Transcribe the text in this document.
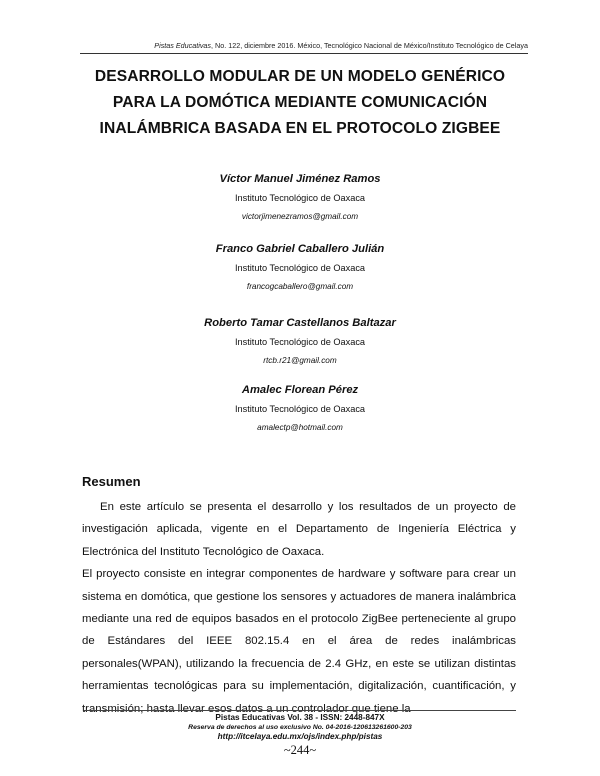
Pistas Educativas, No. 122, diciembre 2016. México, Tecnológico Nacional de México/Instituto Tecnológico de Celaya
DESARROLLO MODULAR DE UN MODELO GENÉRICO
PARA LA DOMÓTICA MEDIANTE COMUNICACIÓN
INALÁMBRICA BASADA EN EL PROTOCOLO ZIGBEE
Víctor Manuel Jiménez Ramos
Instituto Tecnológico de Oaxaca
victorjimenezramos@gmail.com
Franco Gabriel Caballero Julián
Instituto Tecnológico de Oaxaca
francogcaballero@gmail.com
Roberto Tamar Castellanos Baltazar
Instituto Tecnológico de Oaxaca
rtcb.r21@gmail.com
Amalec Florean Pérez
Instituto Tecnológico de Oaxaca
amalectp@hotmail.com
Resumen

En este artículo se presenta el desarrollo y los resultados de un proyecto de investigación aplicada, vigente en el Departamento de Ingeniería Eléctrica y Electrónica del Instituto Tecnológico de Oaxaca.

El proyecto consiste en integrar componentes de hardware y software para crear un sistema en domótica, que gestione los sensores y actuadores de manera inalámbrica mediante una red de equipos basados en el protocolo ZigBee perteneciente al grupo de Estándares del IEEE 802.15.4 en el área de redes inalámbricas personales(WPAN), utilizando la frecuencia de 2.4 GHz, en este se utilizan distintas herramientas tecnológicas para su implementación, digitalización, cuantificación, y transmisión; hasta llevar esos datos a un controlador que tiene la

Pistas Educativas Vol. 38 - ISSN: 2448-847X
Reserva de derechos al uso exclusivo No. 04-2016-120613261600-203
http://itcelaya.edu.mx/ojs/index.php/pistas
~244~
